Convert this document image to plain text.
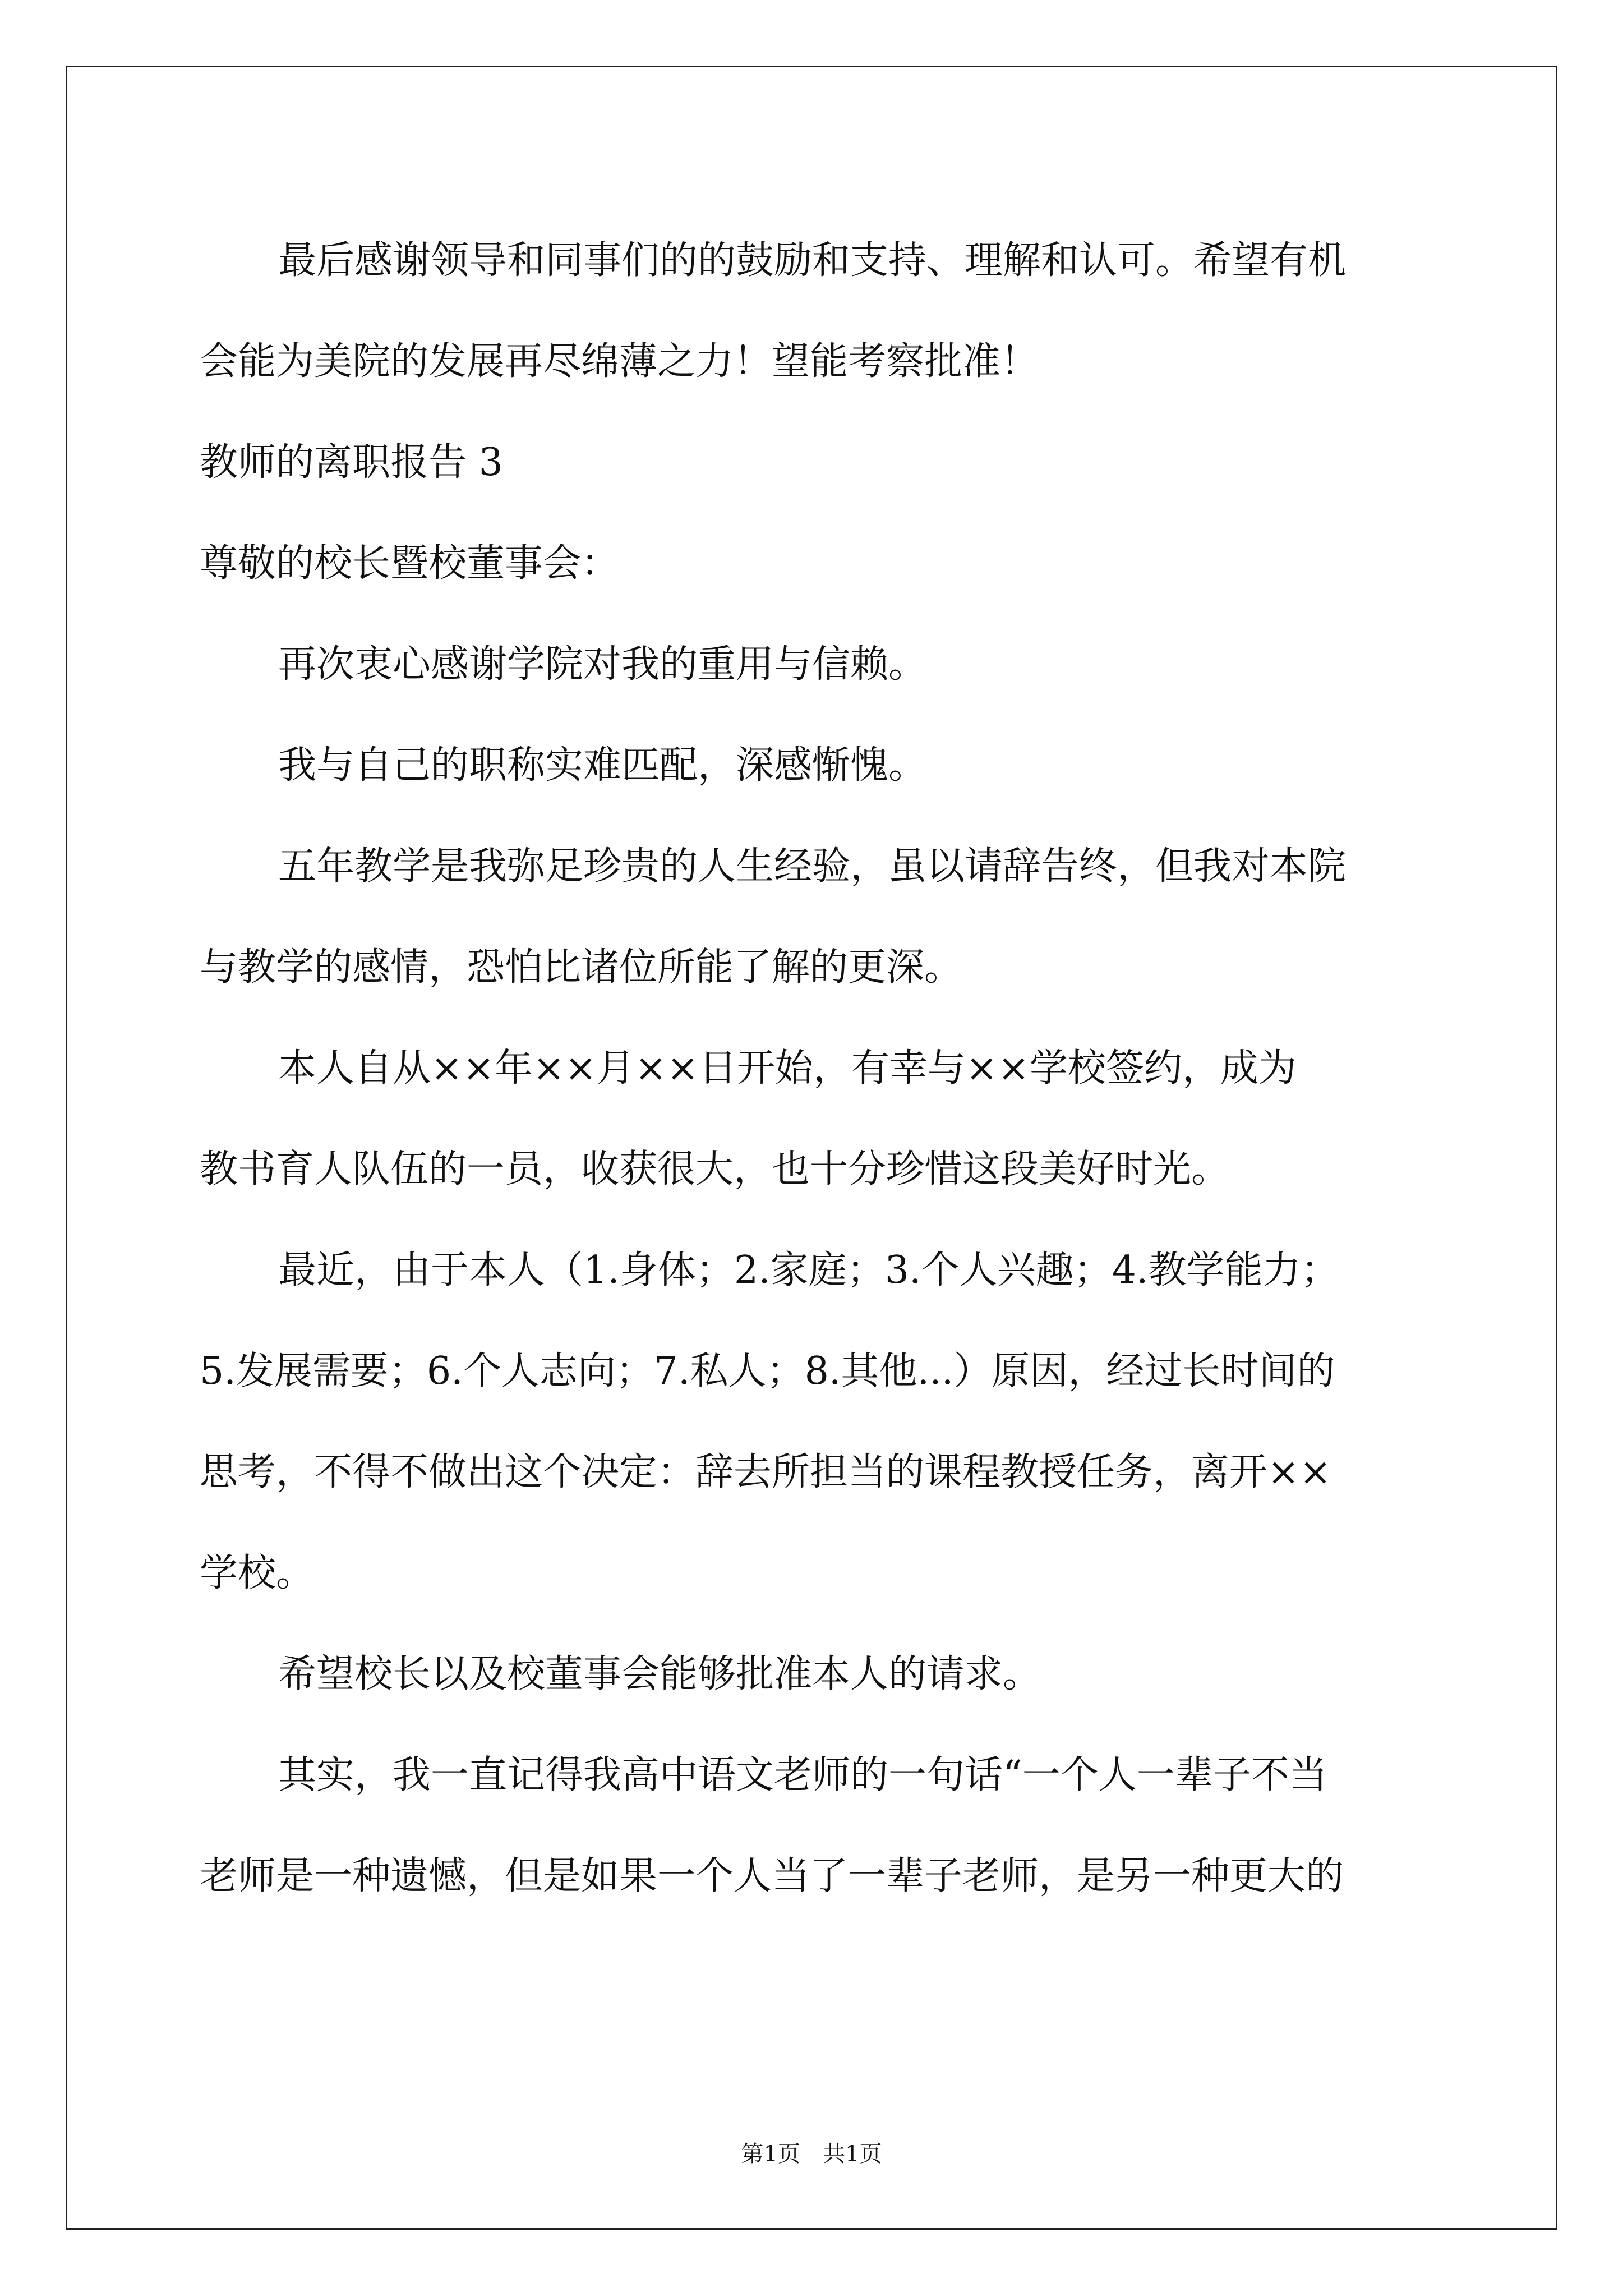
最后感谢领导和同事们的的鼓励和支持、理解和认可。希望有机
会能为美院的发展再尽绵薄之力！望能考察批准！
教师的离职报告 3
尊敬的校长暨校董事会：
再次衷心感谢学院对我的重用与信赖。
我与自己的职称实难匹配，深感惭愧。
五年教学是我弥足珍贵的人生经验，虽以请辞告终，但我对本院
与教学的感情，恐怕比诸位所能了解的更深。
本人自从××年××月××日开始，有幸与××学校签约，成为
教书育人队伍的一员，收获很大，也十分珍惜这段美好时光。
最近，由于本人（1.身体；2.家庭；3.个人兴趣；4.教学能力；
5.发展需要；6.个人志向；7.私人；8.其他...）原因，经过长时间的
思考，不得不做出这个决定：辞去所担当的课程教授任务，离开××
学校。
希望校长以及校董事会能够批准本人的请求。
其实，我一直记得我高中语文老师的一句话“一个人一辈子不当
老师是一种遗憾，但是如果一个人当了一辈子老师，是另一种更大的
第1页　共1页
